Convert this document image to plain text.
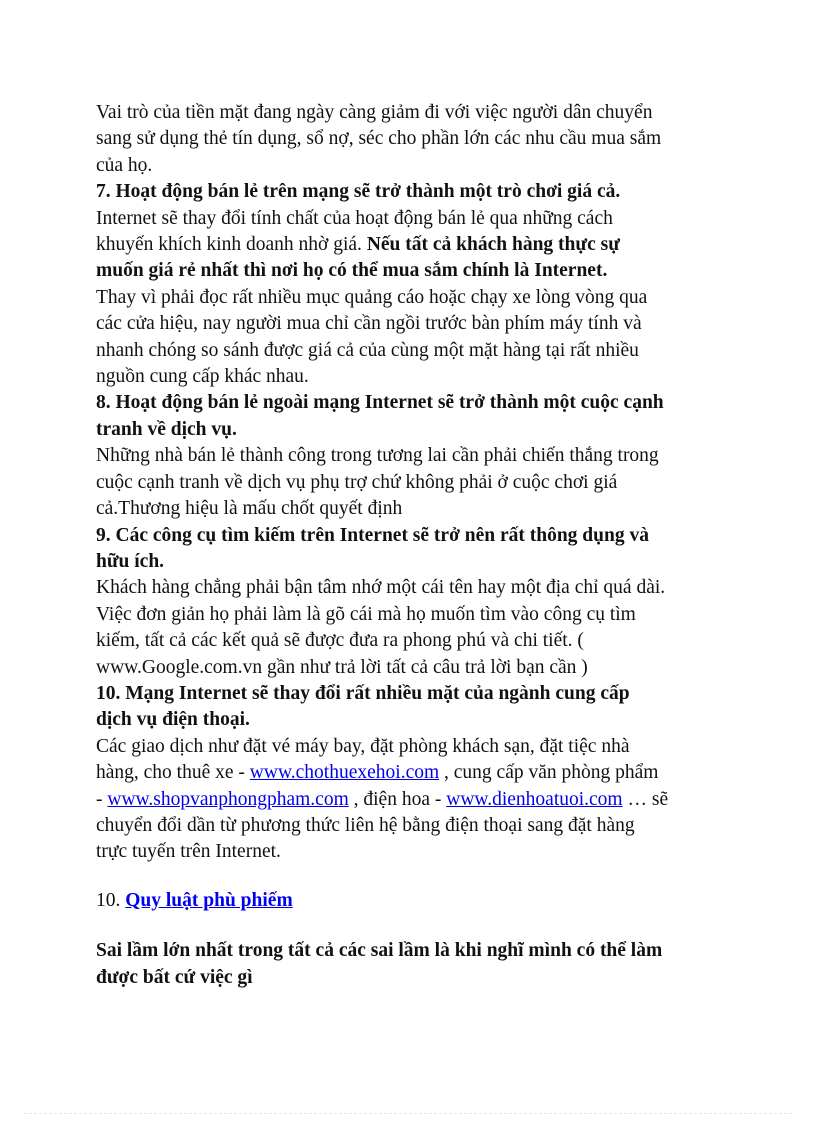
Vai trò của tiền mặt đang ngày càng giảm đi với việc người dân chuyển
sang sử dụng thẻ tín dụng, sổ nợ, séc cho phần lớn các nhu cầu mua sắm
của họ.
7. Hoạt động bán lẻ trên mạng sẽ trở thành một trò chơi giá cả.
Internet sẽ thay đổi tính chất của hoạt động bán lẻ qua những cách
khuyến khích kinh doanh nhờ giá. Nếu tất cả khách hàng thực sự
muốn giá rẻ nhất thì nơi họ có thể mua sắm chính là Internet.
Thay vì phải đọc rất nhiều mục quảng cáo hoặc chạy xe lòng vòng qua
các cửa hiệu, nay người mua chỉ cần ngồi trước bàn phím máy tính và
nhanh chóng so sánh được giá cả của cùng một mặt hàng tại rất nhiều
nguồn cung cấp khác nhau.
8. Hoạt động bán lẻ ngoài mạng Internet sẽ trở thành một cuộc cạnh
tranh về dịch vụ.
Những nhà bán lẻ thành công trong tương lai cần phải chiến thắng trong
cuộc cạnh tranh về dịch vụ phụ trợ chứ không phải ở cuộc chơi giá
cả.Thương hiệu là mấu chốt quyết định
9. Các công cụ tìm kiếm trên Internet sẽ trở nên rất thông dụng và
hữu ích.
Khách hàng chẳng phải bận tâm nhớ một cái tên hay một địa chỉ quá dài.
Việc đơn giản họ phải làm là gõ cái mà họ muốn tìm vào công cụ tìm
kiếm, tất cả các kết quả sẽ được đưa ra phong phú và chi tiết. (
www.Google.com.vn gần như trả lời tất cả câu trả lời bạn cần )
10. Mạng Internet sẽ thay đổi rất nhiều mặt của ngành cung cấp
dịch vụ điện thoại.
Các giao dịch như đặt vé máy bay, đặt phòng khách sạn, đặt tiệc nhà
hàng, cho thuê xe - www.chothuexehoi.com , cung cấp văn phòng phẩm
- www.shopvanphongpham.com , điện hoa - www.dienhoatuoi.com … sẽ
chuyển đổi dần từ phương thức liên hệ bằng điện thoại sang đặt hàng
trực tuyến trên Internet.
10. Quy luật phù phiếm
Sai lầm lớn nhất trong tất cả các sai lầm là khi nghĩ mình có thể làm
được bất cứ việc gì
